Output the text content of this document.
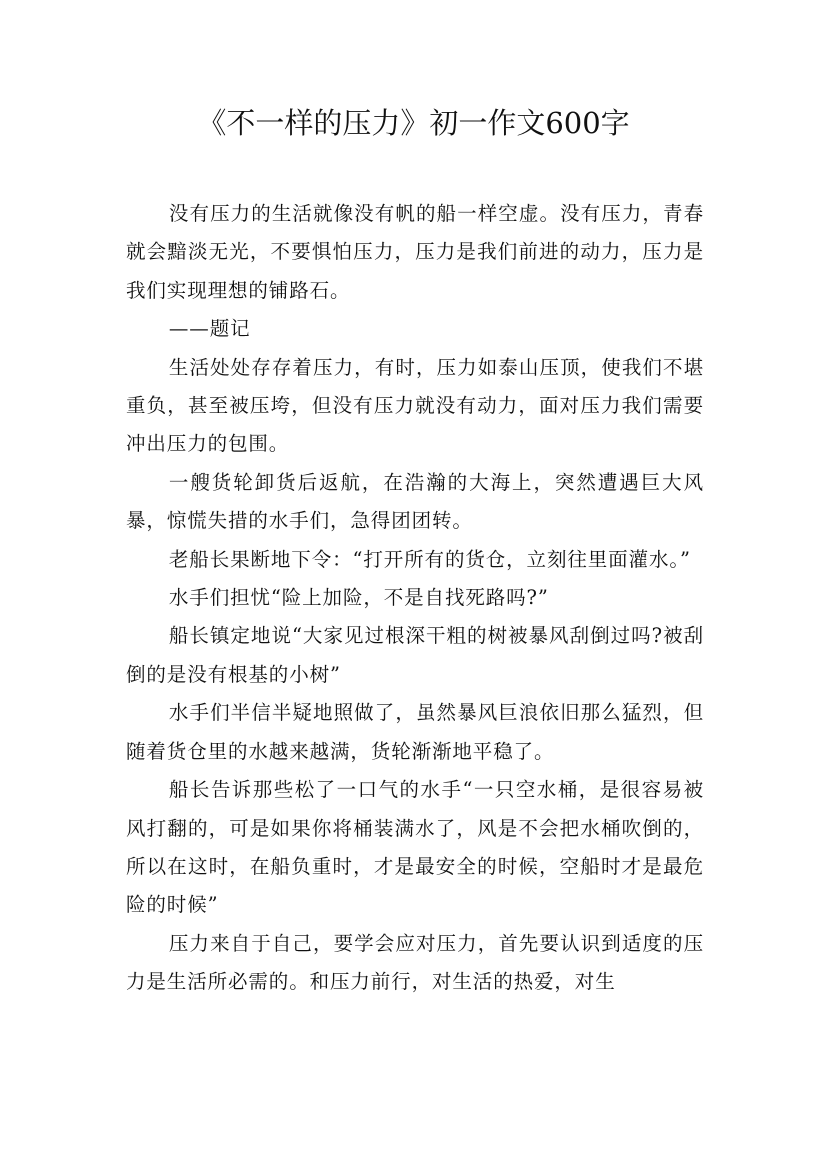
《不一样的压力》初一作文600字

没有压力的生活就像没有帆的船一样空虚。没有压力，青春就会黯淡无光，不要惧怕压力，压力是我们前进的动力，压力是我们实现理想的铺路石。

——题记

生活处处存存着压力，有时，压力如泰山压顶，使我们不堪重负，甚至被压垮，但没有压力就没有动力，面对压力我们需要冲出压力的包围。

一艘货轮卸货后返航，在浩瀚的大海上，突然遭遇巨大风暴，惊慌失措的水手们，急得团团转。

老船长果断地下令：“打开所有的货仓，立刻往里面灌水。”

水手们担忧“险上加险，不是自找死路吗?”

船长镇定地说“大家见过根深干粗的树被暴风刮倒过吗?被刮倒的是没有根基的小树”

水手们半信半疑地照做了，虽然暴风巨浪依旧那么猛烈，但随着货仓里的水越来越满，货轮渐渐地平稳了。

船长告诉那些松了一口气的水手“一只空水桶，是很容易被风打翻的，可是如果你将桶装满水了，风是不会把水桶吹倒的，所以在这时，在船负重时，才是最安全的时候，空船时才是最危险的时候”

压力来自于自己，要学会应对压力，首先要认识到适度的压力是生活所必需的。和压力前行，对生活的热爱，对生
